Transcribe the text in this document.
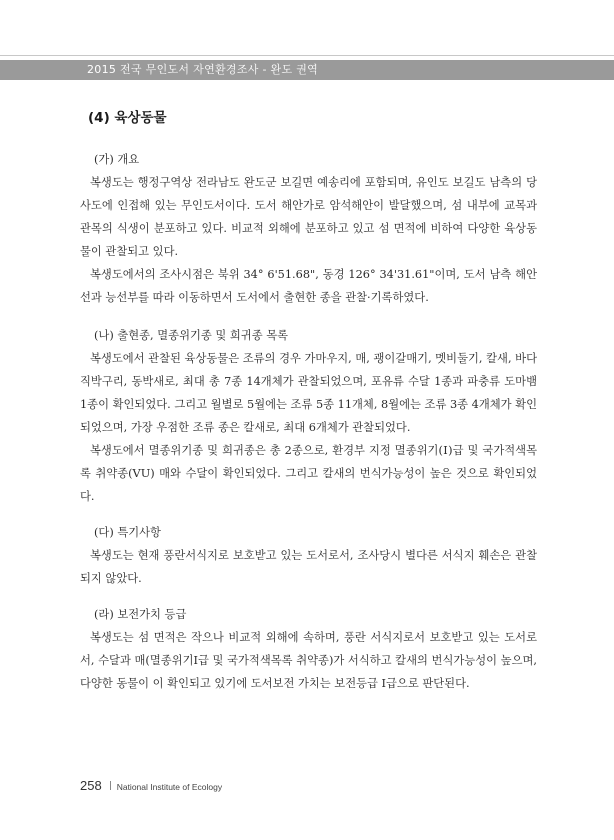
2015 전국 무인도서 자연환경조사 - 완도 권역
(4) 육상동물
(가) 개요

복생도는 행정구역상 전라남도 완도군 보길면 예송리에 포함되며, 유인도 보길도 남측의 당사도에 인접해 있는 무인도서이다. 도서 해안가로 암석해안이 발달했으며, 섬 내부에 교목과 관목의 식생이 분포하고 있다. 비교적 외해에 분포하고 있고 섬 면적에 비하여 다양한 육상동물이 관찰되고 있다.

복생도에서의 조사시점은 북위 34° 6'51.68", 동경 126° 34'31.61"이며, 도서 남측 해안선과 능선부를 따라 이동하면서 도서에서 출현한 종을 관찰·기록하였다.

(나) 출현종, 멸종위기종 및 희귀종 목록

복생도에서 관찰된 육상동물은 조류의 경우 가마우지, 매, 괭이갈매기, 멧비둘기, 칼새, 바다직박구리, 동박새로, 최대 총 7종 14개체가 관찰되었으며, 포유류 수달 1종과 파충류 도마뱀 1종이 확인되었다. 그리고 월별로 5월에는 조류 5종 11개체, 8월에는 조류 3종 4개체가 확인되었으며, 가장 우점한 조류 종은 칼새로, 최대 6개체가 관찰되었다.

복생도에서 멸종위기종 및 희귀종은 총 2종으로, 환경부 지정 멸종위기(Ⅰ)급 및 국가적색목록 취약종(VU) 매와 수달이 확인되었다. 그리고 칼새의 번식가능성이 높은 것으로 확인되었다.

(다) 특기사항

복생도는 현재 풍란서식지로 보호받고 있는 도서로서, 조사당시 별다른 서식지 훼손은 관찰되지 않았다.

(라) 보전가치 등급

복생도는 섬 면적은 작으나 비교적 외해에 속하며, 풍란 서식지로서 보호받고 있는 도서로서, 수달과 매(멸종위기Ⅰ급 및 국가적색목록 취약종)가 서식하고 칼새의 번식가능성이 높으며, 다양한 동물이 이 확인되고 있기에 도서보전 가치는 보전등급 Ⅰ급으로 판단된다.

258 National Institute of Ecology
